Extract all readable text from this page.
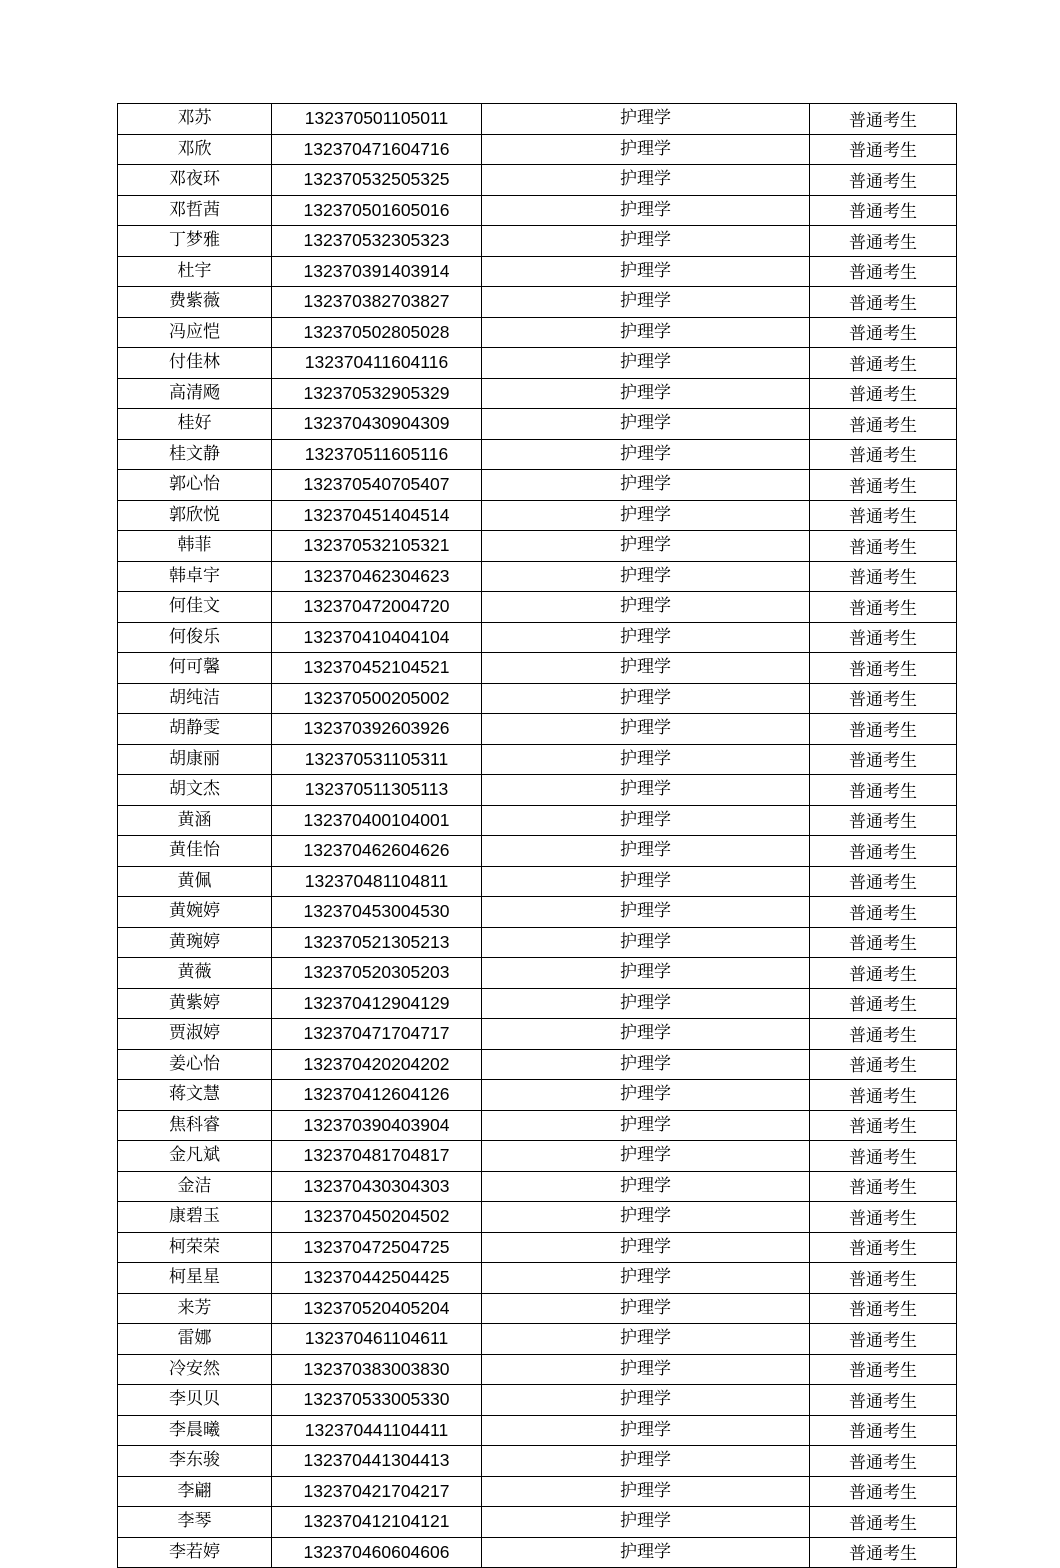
邓苏	132370501105011	护理学	普通考生
邓欣	132370471604716	护理学	普通考生
邓夜环	132370532505325	护理学	普通考生
邓哲茜	132370501605016	护理学	普通考生
丁梦雅	132370532305323	护理学	普通考生
杜宇	132370391403914	护理学	普通考生
费紫薇	132370382703827	护理学	普通考生
冯应恺	132370502805028	护理学	普通考生
付佳林	132370411604116	护理学	普通考生
高清飏	132370532905329	护理学	普通考生
桂好	132370430904309	护理学	普通考生
桂文静	132370511605116	护理学	普通考生
郭心怡	132370540705407	护理学	普通考生
郭欣悦	132370451404514	护理学	普通考生
韩菲	132370532105321	护理学	普通考生
韩卓宇	132370462304623	护理学	普通考生
何佳文	132370472004720	护理学	普通考生
何俊乐	132370410404104	护理学	普通考生
何可馨	132370452104521	护理学	普通考生
胡纯洁	132370500205002	护理学	普通考生
胡静雯	132370392603926	护理学	普通考生
胡康丽	132370531105311	护理学	普通考生
胡文杰	132370511305113	护理学	普通考生
黄涵	132370400104001	护理学	普通考生
黄佳怡	132370462604626	护理学	普通考生
黄佩	132370481104811	护理学	普通考生
黄婉婷	132370453004530	护理学	普通考生
黄琬婷	132370521305213	护理学	普通考生
黄薇	132370520305203	护理学	普通考生
黄紫婷	132370412904129	护理学	普通考生
贾淑婷	132370471704717	护理学	普通考生
姜心怡	132370420204202	护理学	普通考生
蒋文慧	132370412604126	护理学	普通考生
焦科睿	132370390403904	护理学	普通考生
金凡斌	132370481704817	护理学	普通考生
金洁	132370430304303	护理学	普通考生
康碧玉	132370450204502	护理学	普通考生
柯荣荣	132370472504725	护理学	普通考生
柯星星	132370442504425	护理学	普通考生
来芳	132370520405204	护理学	普通考生
雷娜	132370461104611	护理学	普通考生
冷安然	132370383003830	护理学	普通考生
李贝贝	132370533005330	护理学	普通考生
李晨曦	132370441104411	护理学	普通考生
李东骏	132370441304413	护理学	普通考生
李翩	132370421704217	护理学	普通考生
李琴	132370412104121	护理学	普通考生
李若婷	132370460604606	护理学	普通考生
